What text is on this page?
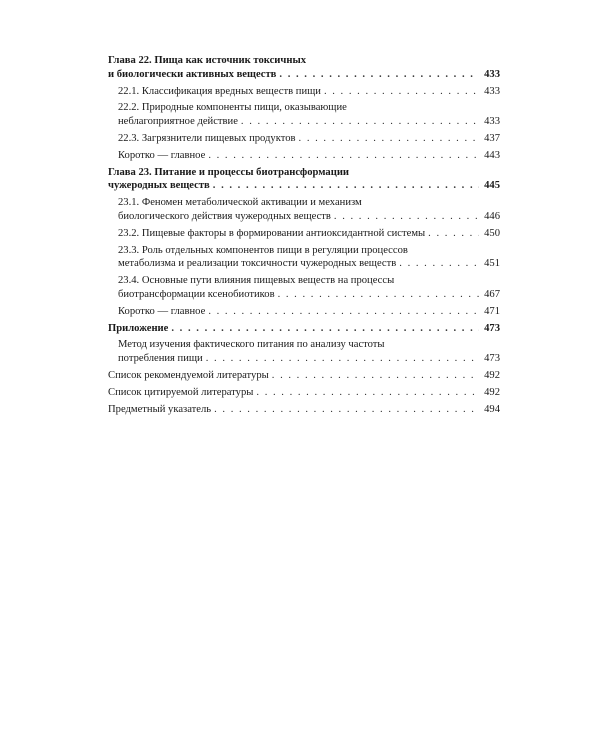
Глава 22. Пища как источник токсичных
и биологически активных веществ . . .	433
22.1. Классификация вредных веществ пищи . . .	433
22.2. Природные компоненты пищи, оказывающие
неблагоприятное действие . . .	433
22.3. Загрязнители пищевых продуктов . . .	437
Коротко — главное . . .	443
Глава 23. Питание и процессы биотрансформации
чужеродных веществ . . .	445
23.1. Феномен метаболической активации и механизм
биологического действия чужеродных веществ . . .	446
23.2. Пищевые факторы в формировании антиоксидантной системы . . .	450
23.3. Роль отдельных компонентов пищи в регуляции процессов
метаболизма и реализации токсичности чужеродных веществ . . .	451
23.4. Основные пути влияния пищевых веществ на процессы
биотрансформации ксенобиотиков . . .	467
Коротко — главное . . .	471
Приложение . . .	473
Метод изучения фактического питания по анализу частоты
потребления пищи . . .	473
Список рекомендуемой литературы . . .	492
Список цитируемой литературы . . .	492
Предметный указатель . . .	494
